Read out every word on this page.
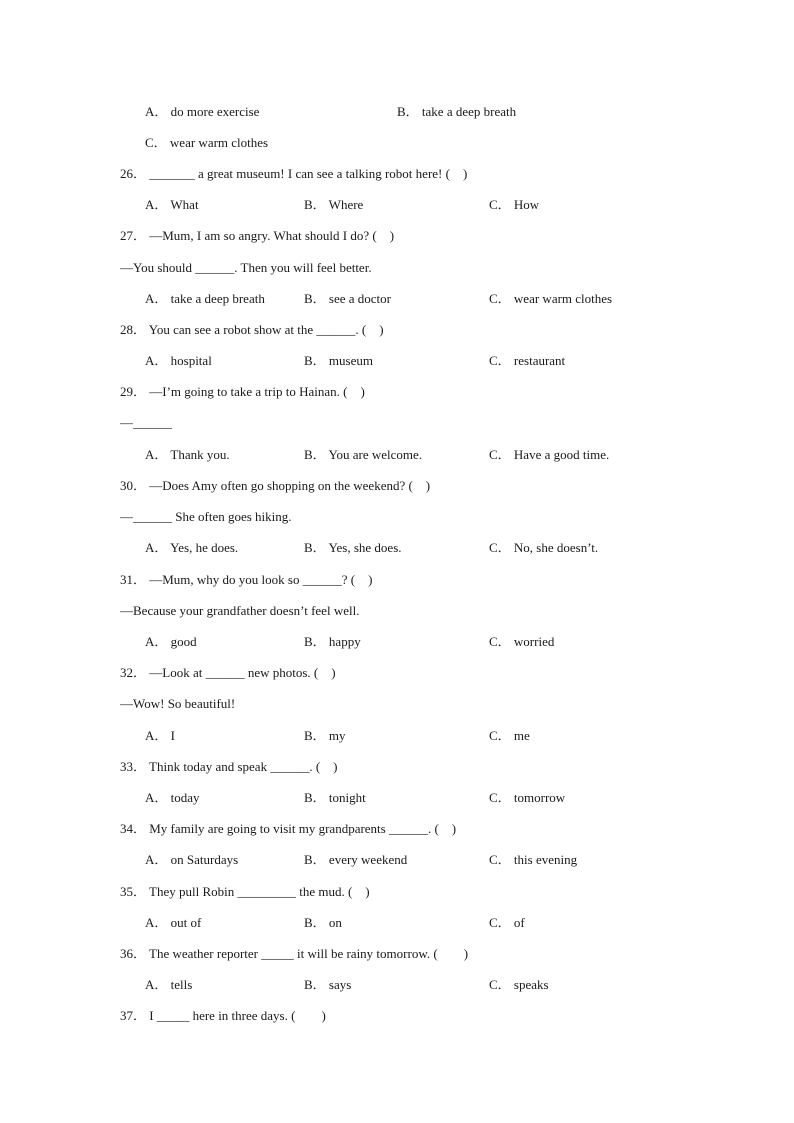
A． do more exercise	B． take a deep breath
C． wear warm clothes
26． _______ a great museum! I can see a talking robot here! (　)
A． What	B． Where	C． How
27． —Mum, I am so angry. What should I do? (　)
—You should ______. Then you will feel better.
A． take a deep breath	B． see a doctor	C． wear warm clothes
28． You can see a robot show at the ______. (　)
A． hospital	B． museum	C． restaurant
29． —I’m going to take a trip to Hainan. (　)
—______
A． Thank you.	B． You are welcome.	C． Have a good time.
30． —Does Amy often go shopping on the weekend? (　)
—______ She often goes hiking.
A． Yes, he does.	B． Yes, she does.	C． No, she doesn’t.
31． —Mum, why do you look so ______? (　)
—Because your grandfather doesn’t feel well.
A． good	B． happy	C． worried
32． —Look at ______ new photos. (　)
—Wow! So beautiful!
A． I	B． my	C． me
33． Think today and speak ______. (　)
A． today	B． tonight	C． tomorrow
34． My family are going to visit my grandparents ______. (　)
A． on Saturdays	B． every weekend	C． this evening
35． They pull Robin _________ the mud. (　)
A． out of	B． on	C． of
36． The weather reporter _____ it will be rainy tomorrow. (　　)
A． tells	B． says	C． speaks
37． I _____ here in three days. (　　)
